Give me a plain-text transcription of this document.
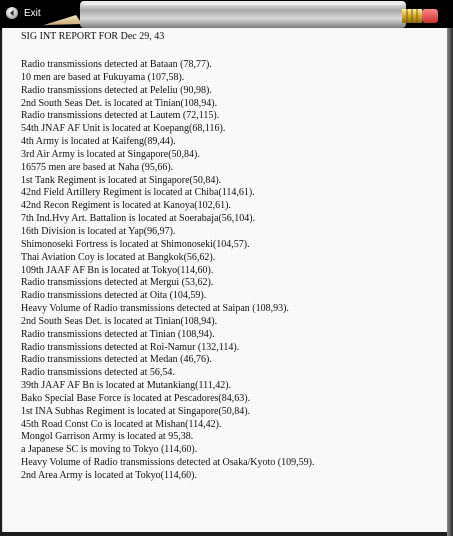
Exit
SIG INT REPORT FOR Dec 29, 43
Radio transmissions detected at Bataan (78,77).
10 men are based at Fukuyama (107,58).
Radio transmissions detected at Peleliu (90,98).
2nd South Seas Det. is located at Tinian(108,94).
Radio transmissions detected at Lautem (72,115).
54th JNAF AF Unit is located at Koepang(68,116).
4th Army is located at Kaifeng(89,44).
3rd Air Army is located at Singapore(50,84).
16575 men are based at Naha (95,66).
1st Tank Regiment is located at Singapore(50,84).
42nd Field Artillery Regiment is located at Chiba(114,61).
42nd Recon Regiment is located at Kanoya(102,61).
7th Ind.Hvy Art. Battalion is located at Soerabaja(56,104).
16th Division is located at Yap(96,97).
Shimonoseki Fortress is located at Shimonoseki(104,57).
Thai Aviation Coy is located at Bangkok(56,62).
109th JAAF AF Bn is located at Tokyo(114,60).
Radio transmissions detected at Mergui (53,62).
Radio transmissions detected at Oita (104,59).
Heavy Volume of Radio transmissions detected at Saipan (108,93).
2nd South Seas Det. is located at Tinian(108,94).
Radio transmissions detected at Tinian (108,94).
Radio transmissions detected at Roi-Namur (132,114).
Radio transmissions detected at Medan (46,76).
Radio transmissions detected at 56,54.
39th JAAF AF Bn is located at Mutankiang(111,42).
Bako Special Base Force is located at Pescadores(84,63).
1st INA Subhas Regiment is located at Singapore(50,84).
45th Road Const Co is located at Mishan(114,42).
Mongol Garrison Army is located at 95,38.
a Japanese SC is moving to Tokyo (114,60).
Heavy Volume of Radio transmissions detected at Osaka/Kyoto (109,59).
2nd Area Army is located at Tokyo(114,60).
